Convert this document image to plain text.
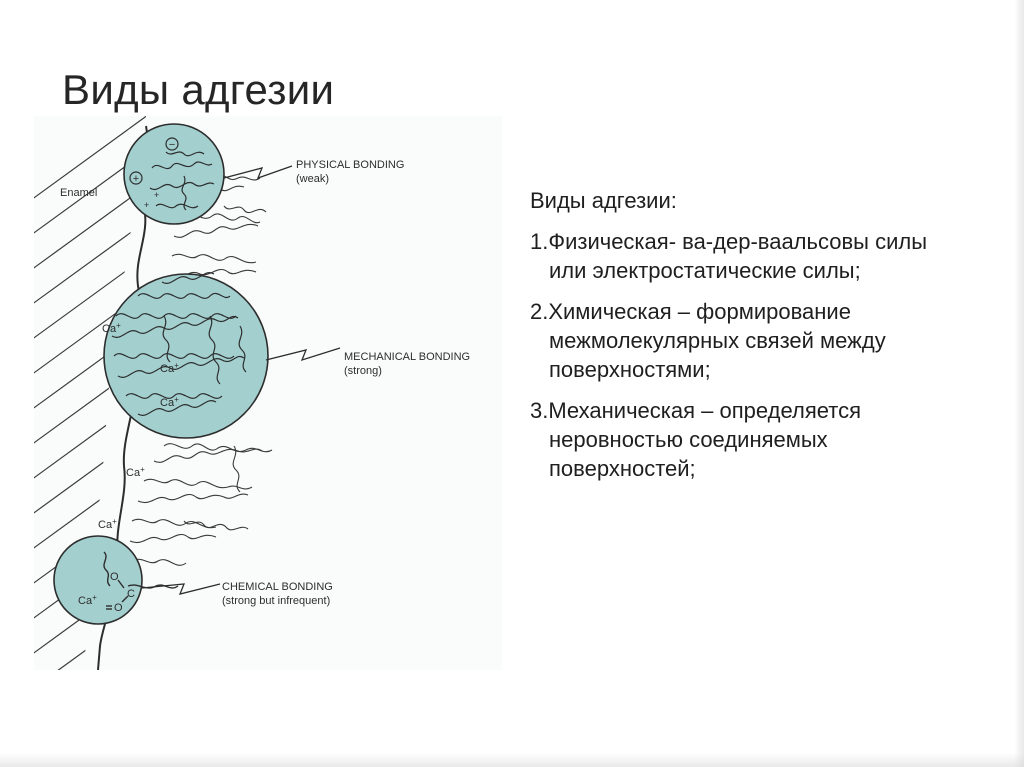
Виды адгезии
−
+
+
+
Ca+
Ca+
Ca+
Ca+
Ca+
O
C
O
Ca+
Enamel
PHYSICAL BONDING
(weak)
MECHANICAL BONDING
(strong)
CHEMICAL BONDING
(strong but infrequent)

Виды адгезии:

1.Физическая- ва-дер-ваальсовы силы или электростатические силы;

2.Химическая – формирование межмолекулярных связей между поверхностями;

3.Механическая – определяется неровностью соединяемых поверхностей;
